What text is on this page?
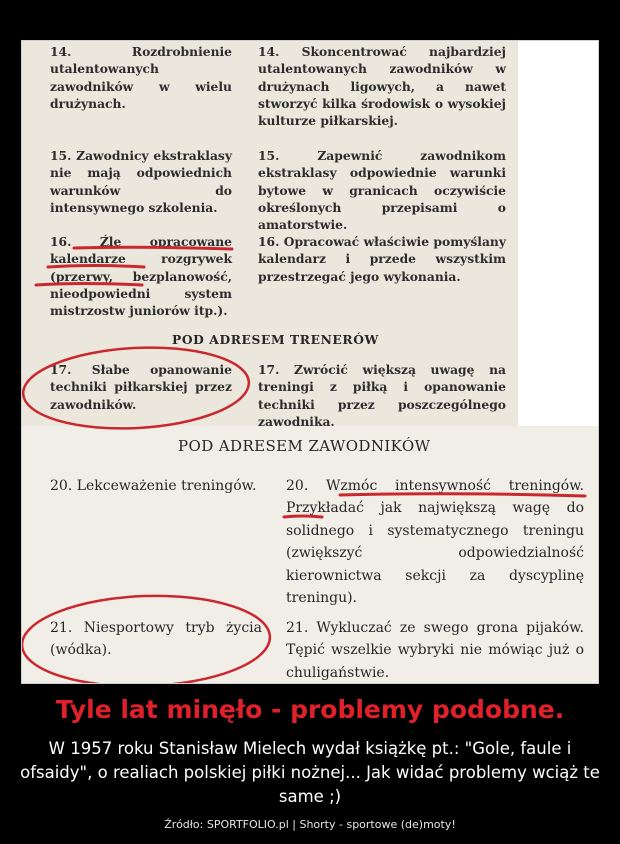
14. Rozdrobnienie utalentowanych zawodników w wielu drużynach.
14. Skoncentrować najbardziej utalentowanych zawodników w drużynach ligowych, a nawet stworzyć kilka środowisk o wysokiej kulturze piłkarskiej.
15. Zawodnicy ekstraklasy nie mają odpowiednich warunków do intensywnego szkolenia.
15. Zapewnić zawodnikom ekstraklasy odpowiednie warunki bytowe w granicach oczywiście określonych przepisami o amatorstwie.
16. Źle opracowane kalendarze rozgrywek (przerwy, bezplanowość, nieodpowiedni system mistrzostw juniorów itp.).
16. Opracować właściwie pomyślany kalendarz i przede wszystkim przestrzegać jego wykonania.
POD ADRESEM TRENERÓW
17. Słabe opanowanie techniki piłkarskiej przez zawodników.
17. Zwrócić większą uwagę na treningi z piłką i opanowanie techniki przez poszczególnego zawodnika.
POD ADRESEM ZAWODNIKÓW
20. Lekceważenie treningów.	20. Wzmóc intensywność treningów. Przykładać jak największą wagę do solidnego i systematycznego treningu (zwiększyć odpowiedzialność kierownictwa sekcji za dyscyplinę treningu).
21. Niesportowy tryb życia (wódka).
21. Wykluczać ze swego grona pijaków. Tępić wszelkie wybryki nie mówiąc już o chuligaństwie.
Tyle lat minęło - problemy podobne.
W 1957 roku Stanisław Mielech wydał książkę pt.: "Gole, faule i ofsaidy", o realiach polskiej piłki nożnej... Jak widać problemy wciąż te same ;)
Źródło: SPORTFOLIO.pl | Shorty - sportowe (de)moty!
